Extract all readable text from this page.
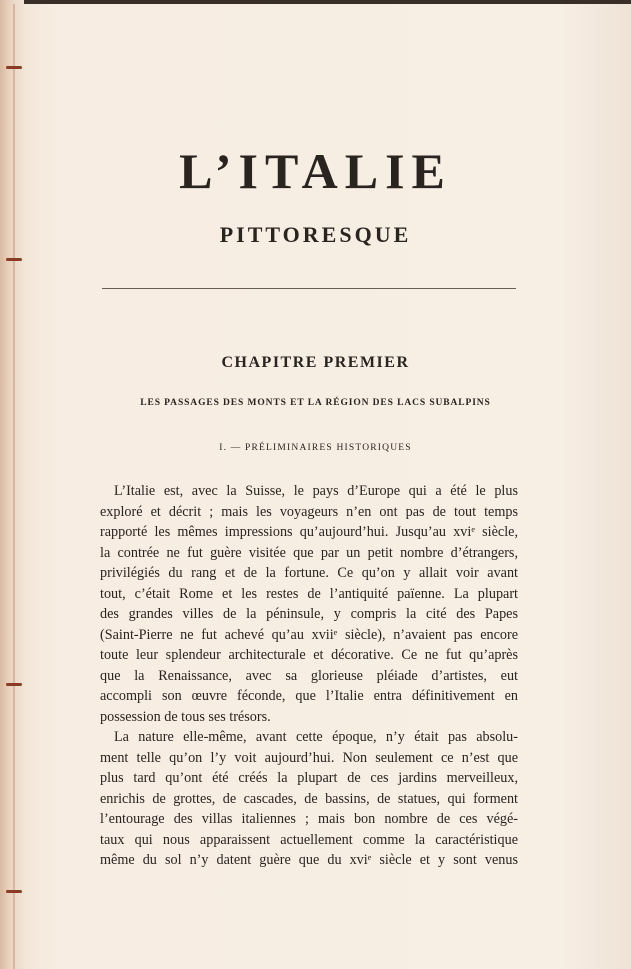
L’ITALIE
PITTORESQUE
CHAPITRE PREMIER
LES PASSAGES DES MONTS ET LA RÉGION DES LACS SUBALPINS
I. — PRÉLIMINAIRES HISTORIQUES
L’Italie est, avec la Suisse, le pays d’Europe qui a été le plus
exploré et décrit ; mais les voyageurs n’en ont pas de tout temps
rapporté les mêmes impressions qu’aujourd’hui. Jusqu’au xviᵉ siècle,
la contrée ne fut guère visitée que par un petit nombre d’étrangers,
privilégiés du rang et de la fortune. Ce qu’on y allait voir avant
tout, c’était Rome et les restes de l’antiquité païenne. La plupart
des grandes villes de la péninsule, y compris la cité des Papes
(Saint-Pierre ne fut achevé qu’au xviiᵉ siècle), n’avaient pas encore
toute leur splendeur architecturale et décorative. Ce ne fut qu’après
que la Renaissance, avec sa glorieuse pléiade d’artistes, eut
accompli son œuvre féconde, que l’Italie entra définitivement en
possession de tous ses trésors.
La nature elle-même, avant cette époque, n’y était pas absolu-
ment telle qu’on l’y voit aujourd’hui. Non seulement ce n’est que
plus tard qu’ont été créés la plupart de ces jardins merveilleux,
enrichis de grottes, de cascades, de bassins, de statues, qui forment
l’entourage des villas italiennes ; mais bon nombre de ces végé-
taux qui nous apparaissent actuellement comme la caractéristique
même du sol n’y datent guère que du xviᵉ siècle et y sont venus
